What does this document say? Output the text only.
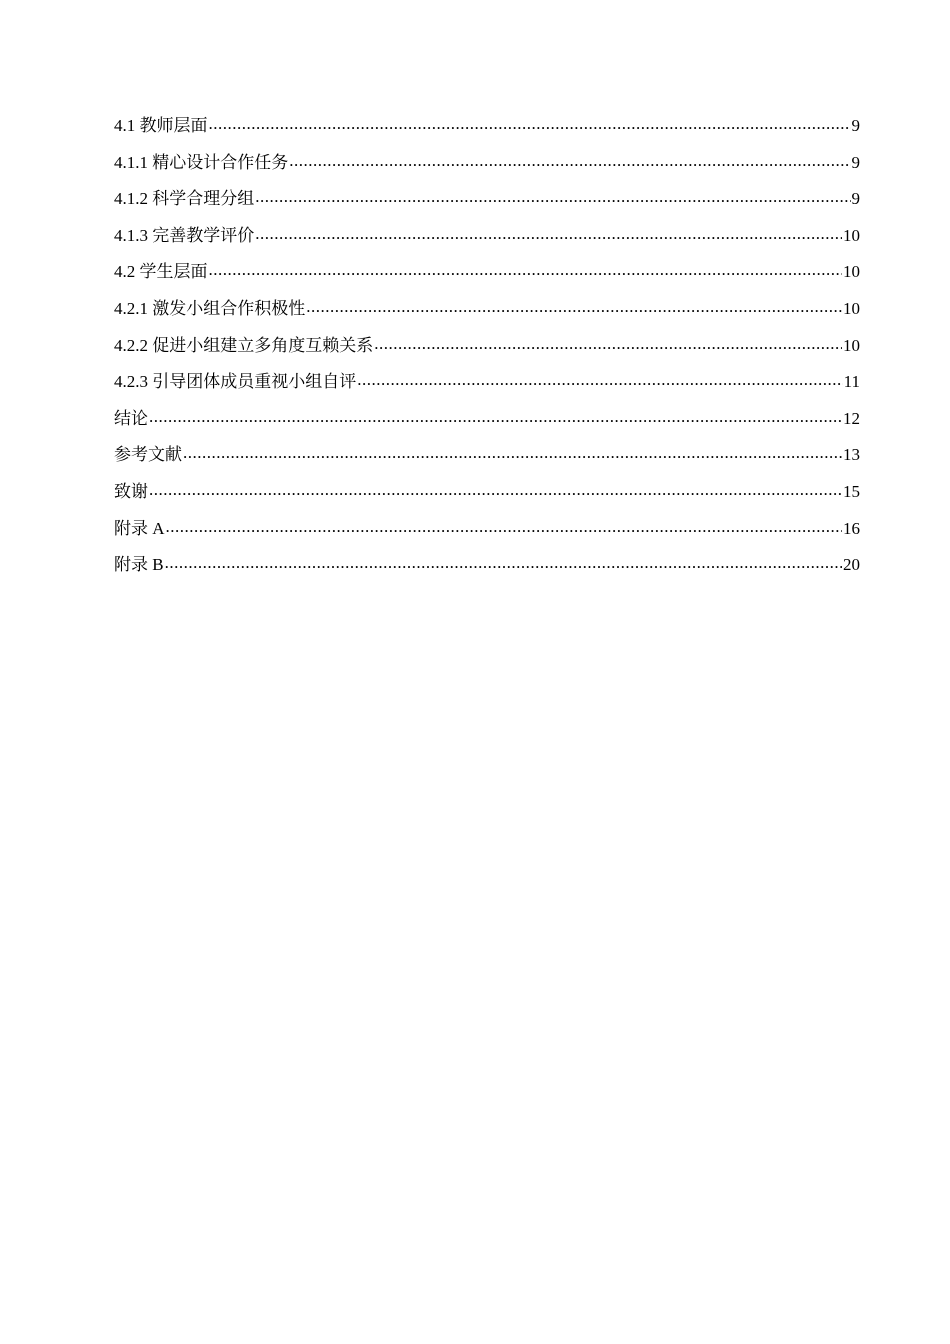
4.1 教师层面 .....	9
4.1.1 精心设计合作任务 .....	9
4.1.2 科学合理分组 .....	9
4.1.3 完善教学评价 .....	10
4.2 学生层面 .....	10
4.2.1 激发小组合作积极性 .....	10
4.2.2 促进小组建立多角度互赖关系 .....	10
4.2.3 引导团体成员重视小组自评 .....	11
结论 .....	12
参考文献 .....	13
致谢 .....	15
附录 A .....	16
附录 B .....	20
